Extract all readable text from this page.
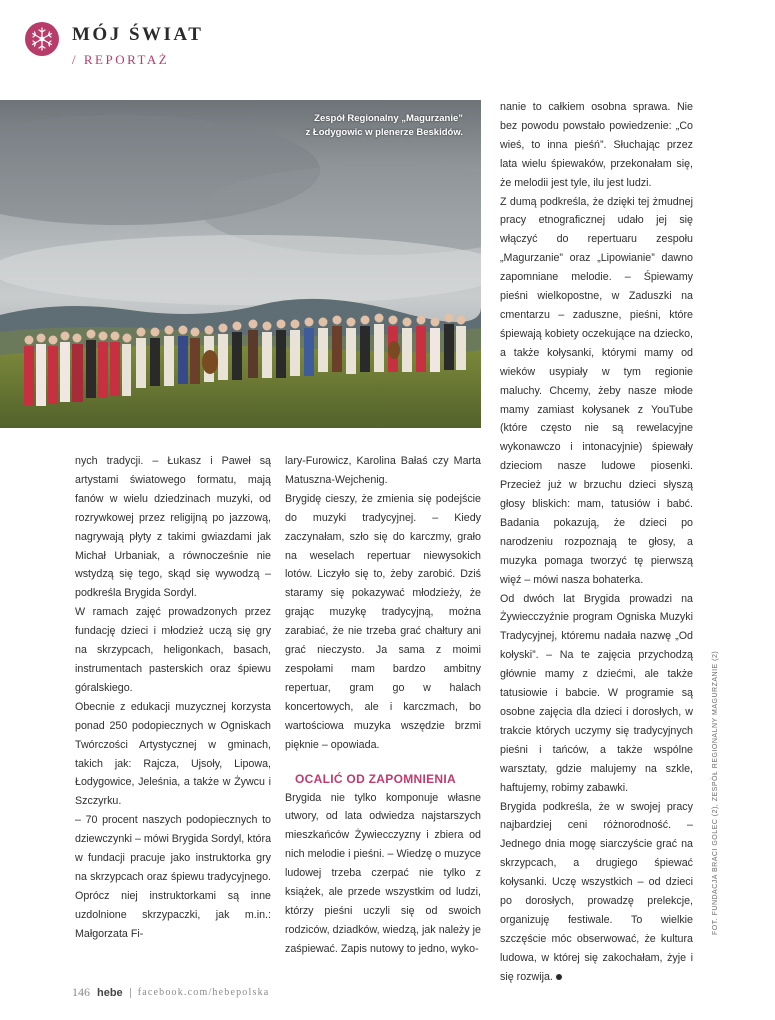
MÓJ ŚWIAT
/ REPORTAŻ
Zespół Regionalny „Magurzanie”
z Łodygowic w plenerze Beskidów.

nych tradycji. – Łukasz i Paweł są artystami światowego formatu, mają fanów w wielu dziedzinach muzyki, od rozrywkowej przez religijną po jazzową, nagrywają płyty z takimi gwiazdami jak Michał Urbaniak, a równocześnie nie wstydzą się tego, skąd się wywodzą – podkreśla Brygida Sordyl.

W ramach zajęć prowadzonych przez fundację dzieci i młodzież uczą się gry na skrzypcach, heligonkach, basach, instrumentach pasterskich oraz śpiewu góralskiego.

Obecnie z edukacji muzycznej korzysta ponad 250 podopiecznych w Ogniskach Twórczości Artystycznej w gminach, takich jak: Rajcza, Ujsoły, Lipowa, Łodygowice, Jeleśnia, a także w Żywcu i Szczyrku.

– 70 procent naszych podopiecznych to dziewczynki – mówi Brygida Sordyl, która w fundacji pracuje jako instruktorka gry na skrzypcach oraz śpiewu tradycyjnego. Oprócz niej instruktorkami są inne uzdolnione skrzypaczki, jak m.in.: Małgorzata Fi-

lary-Furowicz, Karolina Bałaś czy Marta Matuszna-Wejchenig.

Brygidę cieszy, że zmienia się podejście do muzyki tradycyjnej. – Kiedy zaczynałam, szło się do karczmy, grało na weselach repertuar niewysokich lotów. Liczyło się to, żeby zarobić. Dziś staramy się pokazywać młodzieży, że grając muzykę tradycyjną, można zarabiać, że nie trzeba grać chałtury ani grać nieczysto. Ja sama z moimi zespołami mam bardzo ambitny repertuar, gram go w halach koncertowych, ale i karczmach, bo wartościowa muzyka wszędzie brzmi pięknie – opowiada.

OCALIĆ OD ZAPOMNIENIA

Brygida nie tylko komponuje własne utwory, od lata odwiedza najstarszych mieszkańców Żywiecczyzny i zbiera od nich melodie i pieśni. – Wiedzę o muzyce ludowej trzeba czerpać nie tylko z książek, ale przede wszystkim od ludzi, którzy pieśni uczyli się od swoich rodziców, dziadków, wiedzą, jak należy je zaśpiewać. Zapis nutowy to jedno, wyko-

nanie to całkiem osobna sprawa. Nie bez powodu powstało powiedzenie: „Co wieś, to inna pieśń”. Słuchając przez lata wielu śpiewaków, przekonałam się, że melodii jest tyle, ilu jest ludzi.

Z dumą podkreśla, że dzięki tej żmudnej pracy etnograficznej udało jej się włączyć do repertuaru zespołu „Magurzanie” oraz „Lipowianie” dawno zapomniane melodie. – Śpiewamy pieśni wielkopostne, w Zaduszki na cmentarzu – zaduszne, pieśni, które śpiewają kobiety oczekujące na dziecko, a także kołysanki, którymi mamy od wieków usypiały w tym regionie maluchy. Chcemy, żeby nasze młode mamy zamiast kołysanek z YouTube (które często nie są rewelacyjne wykonawczo i intonacyjnie) śpiewały dzieciom nasze ludowe piosenki. Przecież już w brzuchu dzieci słyszą głosy bliskich: mam, tatusiów i babć. Badania pokazują, że dzieci po narodzeniu rozpoznają te głosy, a muzyka pomaga tworzyć tę pierwszą więź – mówi nasza bohaterka.

Od dwóch lat Brygida prowadzi na Żywiecczyźnie program Ogniska Muzyki Tradycyjnej, któremu nadała nazwę „Od kołyski”. – Na te zajęcia przychodzą głównie mamy z dziećmi, ale także tatusiowie i babcie. W programie są osobne zajęcia dla dzieci i dorosłych, w trakcie których uczymy się tradycyjnych pieśni i tańców, a także wspólne warsztaty, gdzie malujemy na szkle, haftujemy, robimy zabawki.

Brygida podkreśla, że w swojej pracy najbardziej ceni różnorodność. – Jednego dnia mogę siarczyście grać na skrzypcach, a drugiego śpiewać kołysanki. Uczę wszystkich – od dzieci po dorosłych, prowadzę prelekcje, organizuję festiwale. To wielkie szczęście móc obserwować, że kultura ludowa, w której się zakochałam, żyje i się rozwija.

FOT. FUNDACJA BRACI GOLEC (2), ZESPÓŁ REGIONALNY MAGURZANIE (2)
146 hebe facebook.com/hebepolska
